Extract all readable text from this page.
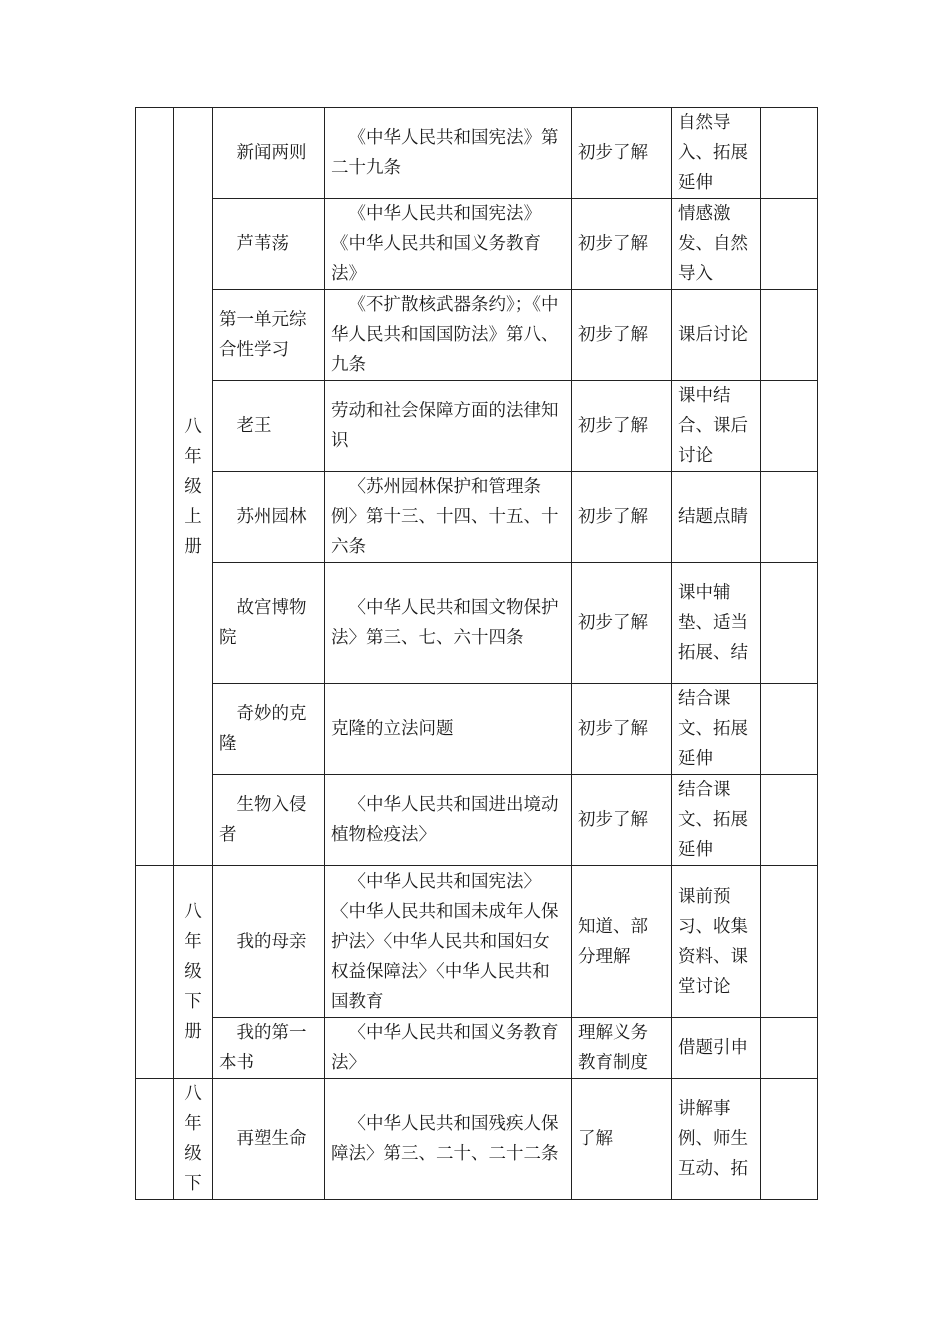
	八年级上册	新闻两则	《中华人民共和国宪法》第二十九条	初步了解	自然导入、拓展延伸	

		芦苇荡	《中华人民共和国宪法》《中华人民共和国义务教育法》	初步了解	情感激发、自然导入	

		第一单元综合性学习	《不扩散核武器条约》；《中华人民共和国国防法》第八、九条	初步了解	课后讨论	

		老王	劳动和社会保障方面的法律知识	初步了解	课中结合、课后讨论	

		苏州园林	〈苏州园林保护和管理条例〉第十三、十四、十五、十六条	初步了解	结题点睛	

		故宫博物院	〈中华人民共和国文物保护法〉第三、七、六十四条	初步了解	课中辅垫、适当拓展、结	

		奇妙的克隆	克隆的立法问题	初步了解	结合课文、拓展延伸	

		生物入侵者	〈中华人民共和国进出境动植物检疫法〉	初步了解	结合课文、拓展延伸	

	八年级下册	我的母亲	〈中华人民共和国宪法〉〈中华人民共和国未成年人保护法〉〈中华人民共和国妇女权益保障法〉〈中华人民共和国教育	知道、部分理解	课前预习、收集资料、课堂讨论	

		我的第一本书	〈中华人民共和国义务教育法〉	理解义务教育制度	借题引申	

	八年级下	再塑生命	〈中华人民共和国残疾人保障法〉第三、二十、二十二条	了解	讲解事例、师生互动、拓	
